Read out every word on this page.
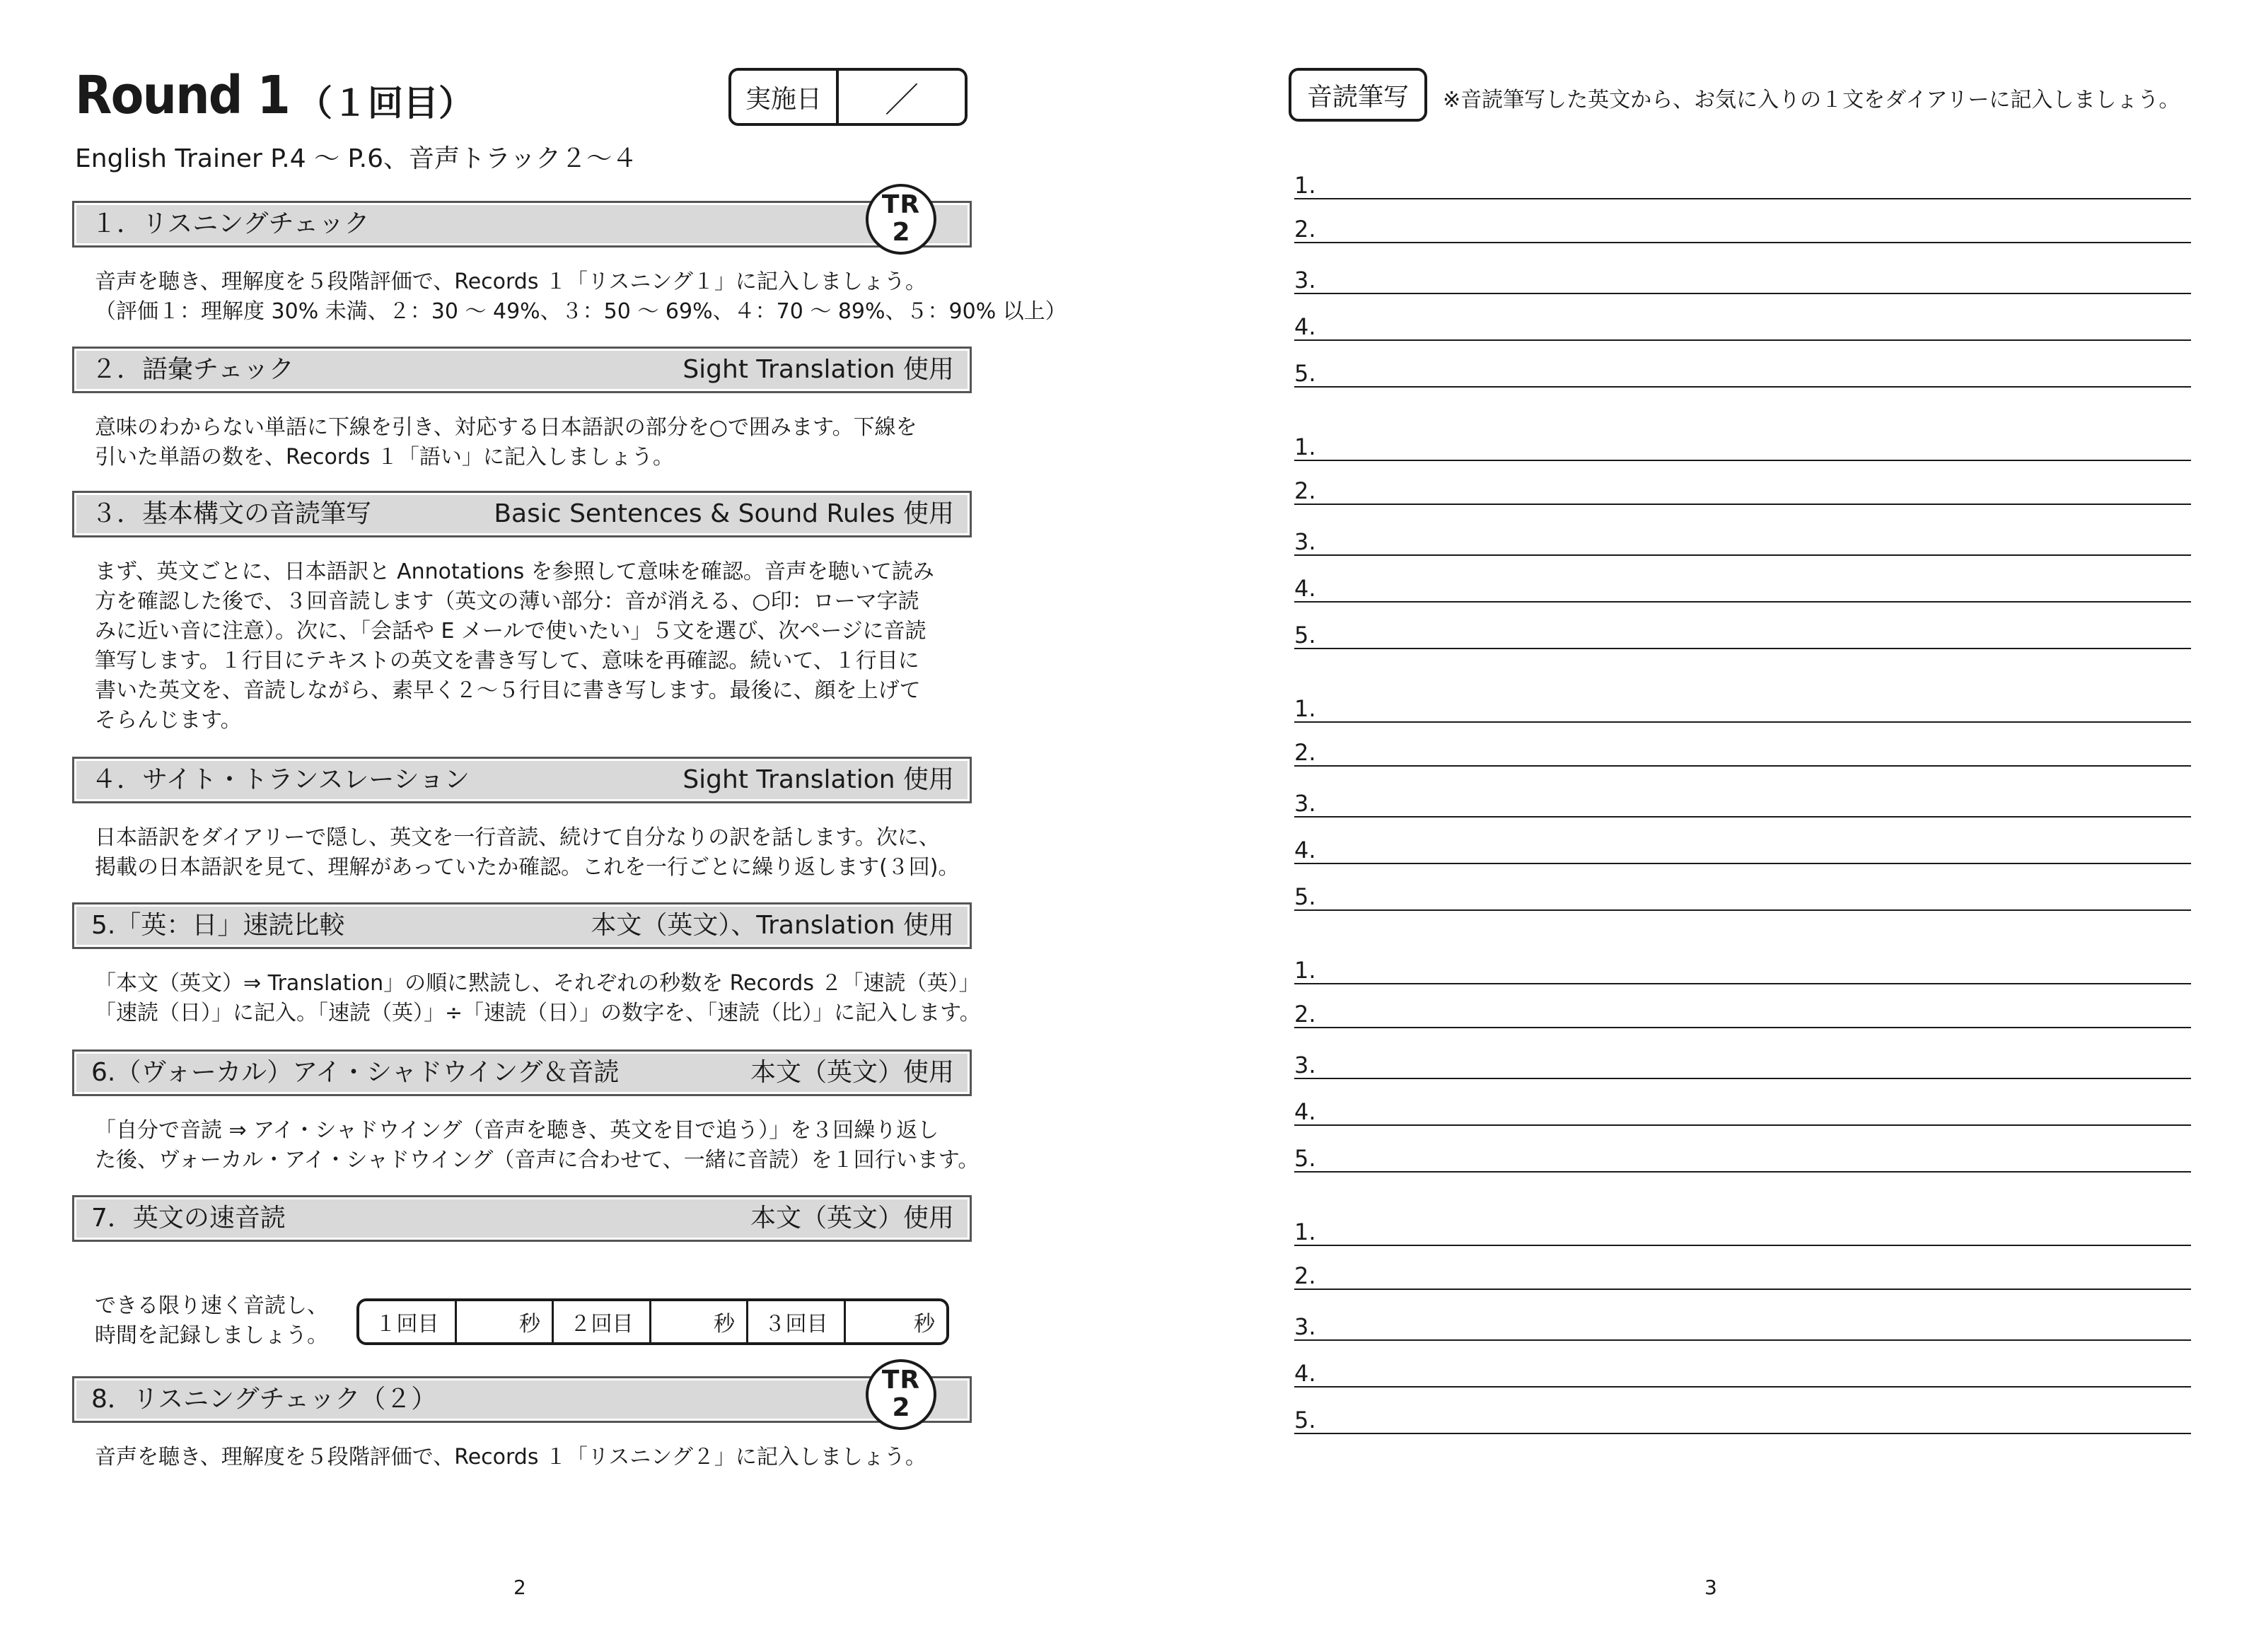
Round 1 （１回目）
English Trainer P.4 〜 P.6、音声トラック２〜４
実施日	／
１．リスニングチェック
TR
2
音声を聴き、理解度を５段階評価で、Records １「リスニング１」に記入しましょう。
（評価１：理解度 30% 未満、２：30 〜 49%、３：50 〜 69%、４：70 〜 89%、５：90% 以上）
２．語彙チェック	Sight Translation 使用
意味のわからない単語に下線を引き、対応する日本語訳の部分を○で囲みます。下線を
引いた単語の数を、Records １「語い」に記入しましょう。
３．基本構文の音読筆写	Basic Sentences & Sound Rules 使用
まず、英文ごとに、日本語訳と Annotations を参照して意味を確認。音声を聴いて読み
方を確認した後で、３回音読します（英文の薄い部分：音が消える、○印：ローマ字読
みに近い音に注意）。次に、「会話や E メールで使いたい」５文を選び、次ページに音読
筆写します。１行目にテキストの英文を書き写して、意味を再確認。続いて、１行目に
書いた英文を、音読しながら、素早く２〜５行目に書き写します。最後に、顔を上げて
そらんじます。
４．サイト・トランスレーション	Sight Translation 使用
日本語訳をダイアリーで隠し、英文を一行音読、続けて自分なりの訳を話します。次に、
掲載の日本語訳を見て、理解があっていたか確認。これを一行ごとに繰り返します(３回)。
5.「英：日」速読比較	本文（英文）、Translation 使用
「本文（英文）⇒ Translation」の順に黙読し、それぞれの秒数を Records ２「速読（英）」
「速読（日）」に記入。「速読（英）」÷「速読（日）」の数字を、「速読（比）」に記入します。
6.（ヴォーカル）アイ・シャドウイング＆音読	本文（英文）使用
「自分で音読 ⇒ アイ・シャドウイング（音声を聴き、英文を目で追う）」を３回繰り返し
た後、ヴォーカル・アイ・シャドウイング（音声に合わせて、一緒に音読）を１回行います。
7．英文の速音読	本文（英文）使用
できる限り速く音読し、
時間を記録しましょう。	１回目	秒	２回目	秒	３回目	秒
8．リスニングチェック（２）
TR
2
音声を聴き、理解度を５段階評価で、Records １「リスニング２」に記入しましょう。
2
音読筆写	※音読筆写した英文から、お気に入りの１文をダイアリーに記入しましょう。
1.
2.
3.
4.
5.
1.
2.
3.
4.
5.
1.
2.
3.
4.
5.
1.
2.
3.
4.
5.
1.
2.
3.
4.
5.
3
